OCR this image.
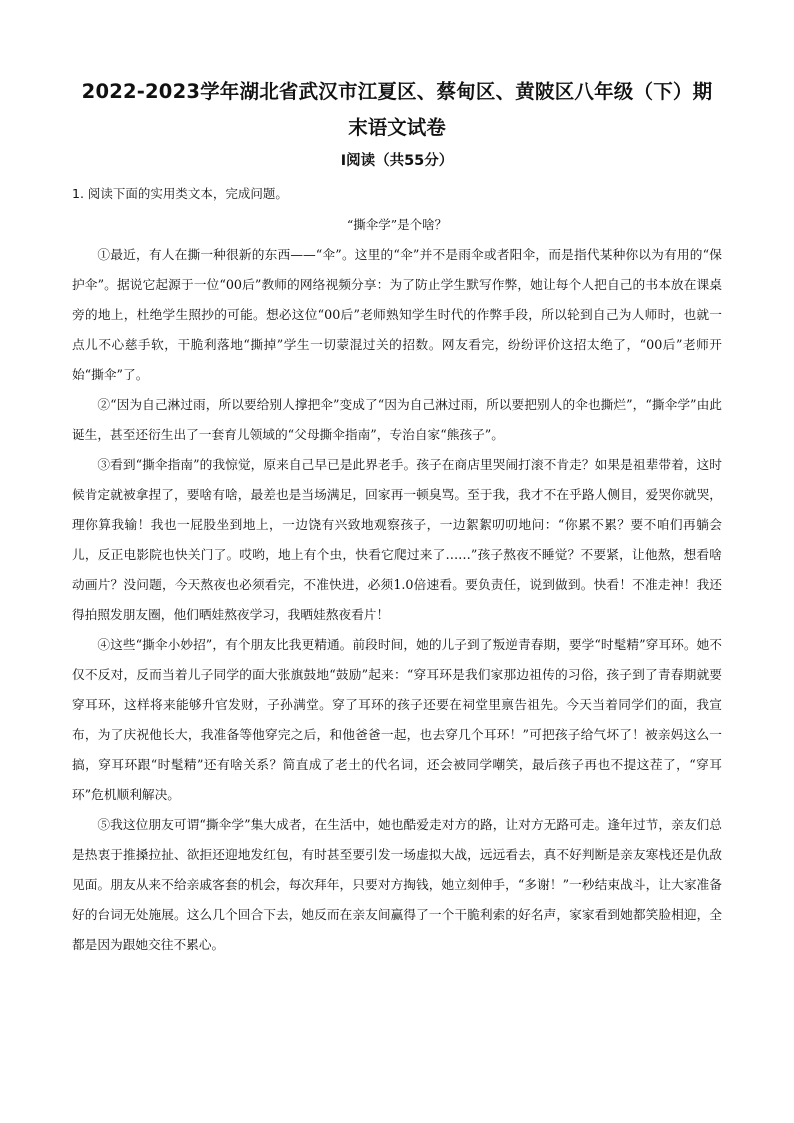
2022-2023学年湖北省武汉市江夏区、蔡甸区、黄陂区八年级（下）期
末语文试卷
Ⅰ阅读（共55分）
1. 阅读下面的实用类文本，完成问题。
“撕伞学”是个啥？

①最近，有人在撕一种很新的东西——“伞”。这里的“伞”并不是雨伞或者阳伞，而是指代某种你以为有用的“保护伞”。据说它起源于一位“00后”教师的网络视频分享：为了防止学生默写作弊，她让每个人把自己的书本放在课桌旁的地上，杜绝学生照抄的可能。想必这位“00后”老师熟知学生时代的作弊手段，所以轮到自己为人师时，也就一点儿不心慈手软，干脆利落地“撕掉”学生一切蒙混过关的招数。网友看完，纷纷评价这招太绝了，“00后”老师开始“撕伞”了。

②“因为自己淋过雨，所以要给别人撑把伞”变成了“因为自己淋过雨，所以要把别人的伞也撕烂”，“撕伞学”由此诞生，甚至还衍生出了一套育儿领域的“父母撕伞指南”，专治自家“熊孩子”。

③看到“撕伞指南”的我惊觉，原来自己早已是此界老手。孩子在商店里哭闹打滚不肯走？如果是祖辈带着，这时候肯定就被拿捏了，要啥有啥，最差也是当场满足，回家再一顿臭骂。至于我，我才不在乎路人侧目，爱哭你就哭，理你算我输！我也一屁股坐到地上，一边饶有兴致地观察孩子，一边絮絮叨叨地问：“你累不累？要不咱们再躺会儿，反正电影院也快关门了。哎哟，地上有个虫，快看它爬过来了……”孩子熬夜不睡觉？不要紧，让他熬，想看啥动画片？没问题，今天熬夜也必须看完，不准快进，必须1.0倍速看。要负责任，说到做到。快看！不准走神！我还得拍照发朋友圈，他们晒娃熬夜学习，我晒娃熬夜看片！

④这些“撕伞小妙招”，有个朋友比我更精通。前段时间，她的儿子到了叛逆青春期，要学“时髦精”穿耳环。她不仅不反对，反而当着儿子同学的面大张旗鼓地“鼓励”起来：“穿耳环是我们家那边祖传的习俗，孩子到了青春期就要穿耳环，这样将来能够升官发财，子孙满堂。穿了耳环的孩子还要在祠堂里禀告祖先。今天当着同学们的面，我宣布，为了庆祝他长大，我准备等他穿完之后，和他爸爸一起，也去穿几个耳环！”可把孩子给气坏了！被亲妈这么一搞，穿耳环跟“时髦精”还有啥关系？简直成了老土的代名词，还会被同学嘲笑，最后孩子再也不提这茬了，“穿耳环”危机顺利解决。

⑤我这位朋友可谓“撕伞学”集大成者，在生活中，她也酷爱走对方的路，让对方无路可走。逢年过节，亲友们总是热衷于推搡拉扯、欲拒还迎地发红包，有时甚至要引发一场虚拟大战，远远看去，真不好判断是亲友寒栈还是仇敌见面。朋友从来不给亲戚客套的机会，每次拜年，只要对方掏钱，她立刻伸手，“多谢！”一秒结束战斗，让大家准备好的台词无处施展。这么几个回合下去，她反而在亲友间赢得了一个干脆利索的好名声，家家看到她都笑脸相迎，全都是因为跟她交往不累心。
